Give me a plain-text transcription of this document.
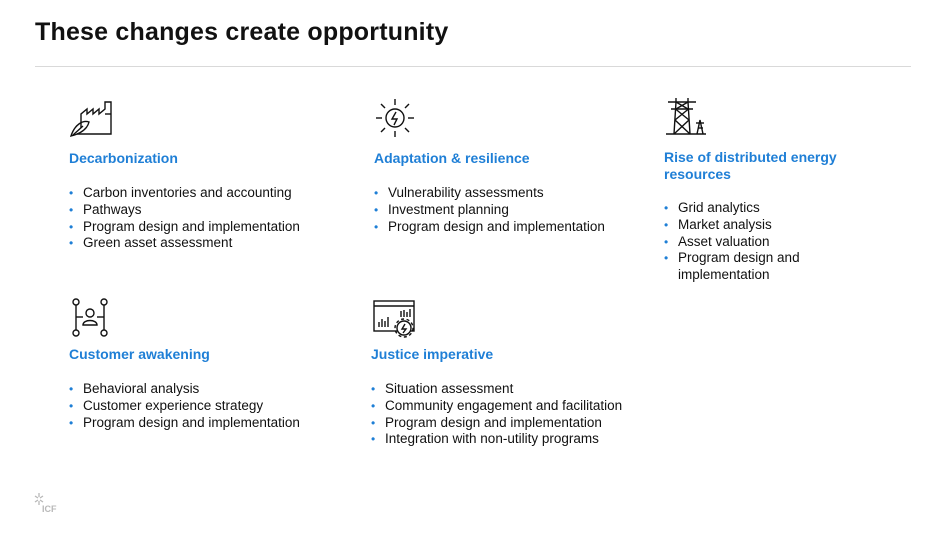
These changes create opportunity
Decarbonization
• Carbon inventories and accounting
• Pathways
• Program design and implementation
• Green asset assessment
Adaptation & resilience
• Vulnerability assessments
• Investment planning
• Program design and implementation
Rise of distributed energy resources
• Grid analytics
• Market analysis
• Asset valuation
• Program design and implementation
Customer awakening
• Behavioral analysis
• Customer experience strategy
• Program design and implementation
Justice imperative
• Situation assessment
• Community engagement and facilitation
• Program design and implementation
• Integration with non-utility programs
ICF
